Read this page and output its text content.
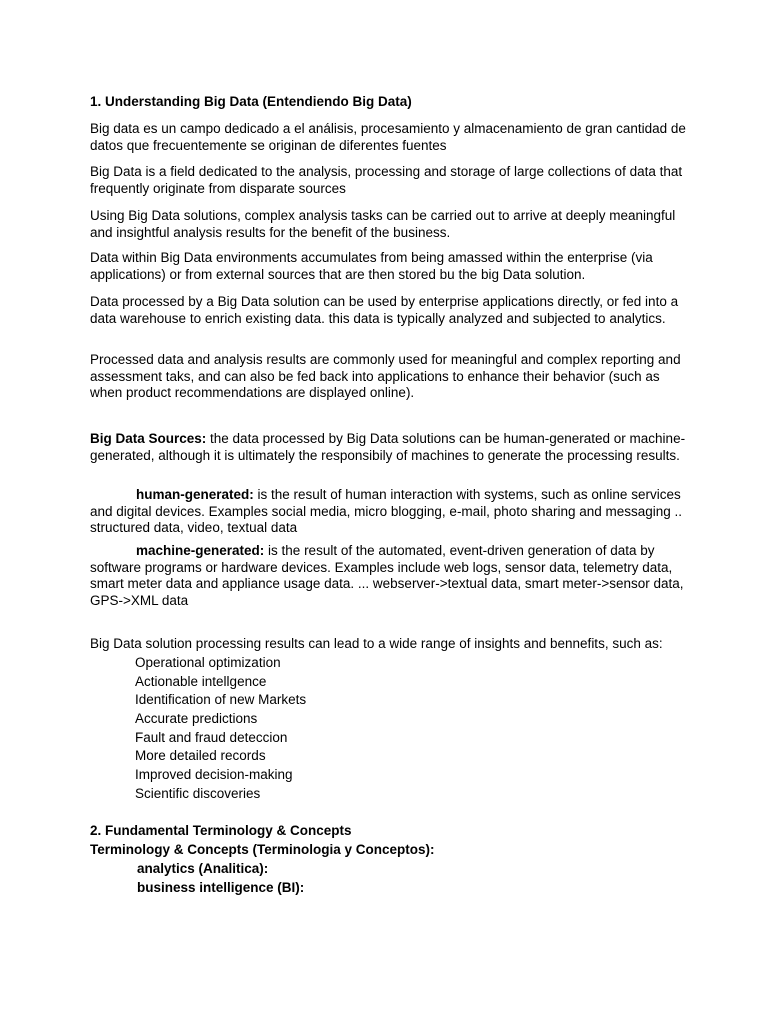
1. Understanding Big Data (Entendiendo Big Data)

Big data es un campo dedicado a el análisis, procesamiento y almacenamiento de gran cantidad de datos que frecuentemente se originan de diferentes fuentes

Big Data is a field dedicated to the analysis, processing and storage of large collections of data that frequently originate from disparate sources

Using Big Data solutions, complex analysis tasks can be carried out to arrive at deeply meaningful and insightful analysis results for the benefit of the business.

Data within Big Data environments accumulates from being amassed within the enterprise (via applications) or from external sources that are then stored bu the big Data solution.

Data processed by a Big Data solution can be used by enterprise applications directly, or fed into a data warehouse to enrich existing data. this data is typically analyzed and subjected to analytics.

Processed data and analysis results are commonly used for meaningful and complex reporting and assessment taks, and can also be fed back into applications to enhance their behavior (such as when product recommendations are displayed online).

Big Data Sources: the data processed by Big Data solutions can be human-generated or machine-generated, although it is ultimately the responsibily of machines to generate the processing results.

human-generated: is the result of human interaction with systems, such as online services and digital devices. Examples social media, micro blogging, e-mail, photo sharing and messaging .. structured data, video, textual data

machine-generated: is the result of the automated, event-driven generation of data by software programs or hardware devices. Examples include web logs, sensor data, telemetry data, smart meter data and appliance usage data. ... webserver->textual data, smart meter->sensor data, GPS->XML data

Big Data solution processing results can lead to a wide range of insights and bennefits, such as:

Operational optimization
Actionable intellgence
Identification of new Markets
Accurate predictions
Fault and fraud deteccion
More detailed records
Improved decision-making
Scientific discoveries

2. Fundamental Terminology & Concepts

Terminology & Concepts (Terminologia y Conceptos):

analytics (Analitica):

business intelligence (BI):
